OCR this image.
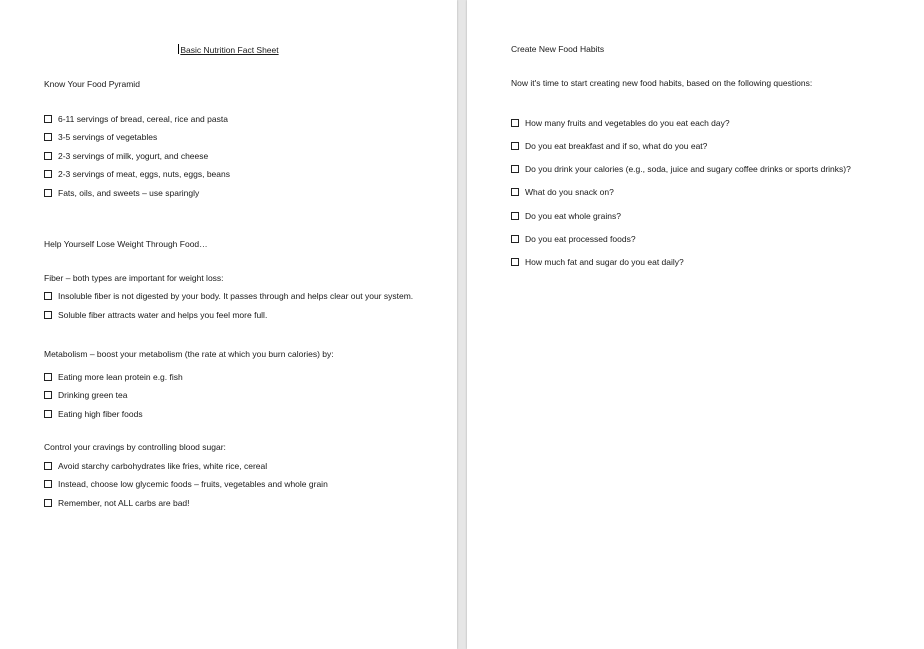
Basic Nutrition Fact Sheet
Know Your Food Pyramid
6-11 servings of bread, cereal, rice and pasta
3-5 servings of vegetables
2-3 servings of milk, yogurt, and cheese
2-3 servings of meat, eggs, nuts, eggs, beans
Fats, oils, and sweets – use sparingly
Help Yourself Lose Weight Through Food…
Fiber – both types are important for weight loss:
Insoluble fiber is not digested by your body. It passes through and helps clear out your system.
Soluble fiber attracts water and helps you feel more full.
Metabolism – boost your metabolism (the rate at which you burn calories) by:
Eating more lean protein e.g. fish
Drinking green tea
Eating high fiber foods
Control your cravings by controlling blood sugar:
Avoid starchy carbohydrates like fries, white rice, cereal
Instead, choose low glycemic foods – fruits, vegetables and whole grain
Remember, not ALL carbs are bad!
Create New Food Habits
Now it's time to start creating new food habits, based on the following questions:
How many fruits and vegetables do you eat each day?
Do you eat breakfast and if so, what do you eat?
Do you drink your calories (e.g., soda, juice and sugary coffee drinks or sports drinks)?
What do you snack on?
Do you eat whole grains?
Do you eat processed foods?
How much fat and sugar do you eat daily?
